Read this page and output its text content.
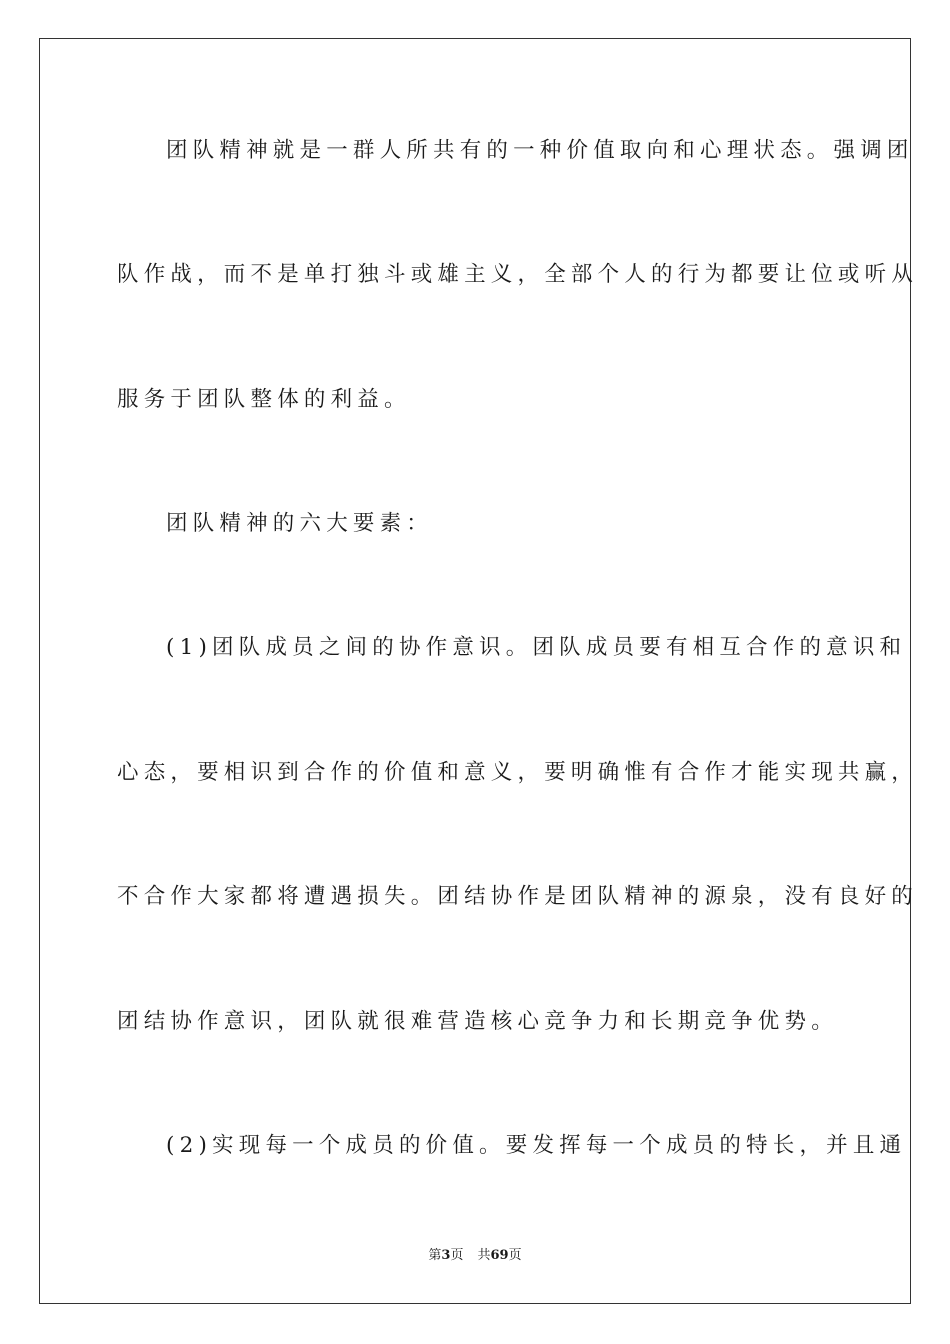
团队精神就是一群人所共有的一种价值取向和心理状态。强调团
队作战，而不是单打独斗或雄主义，全部个人的行为都要让位或听从
服务于团队整体的利益。
团队精神的六大要素：
(1)团队成员之间的协作意识。团队成员要有相互合作的意识和
心态，要相识到合作的价值和意义，要明确惟有合作才能实现共赢，
不合作大家都将遭遇损失。团结协作是团队精神的源泉，没有良好的
团结协作意识，团队就很难营造核心竞争力和长期竞争优势。
(2)实现每一个成员的价值。要发挥每一个成员的特长，并且通
第3页 共69页
